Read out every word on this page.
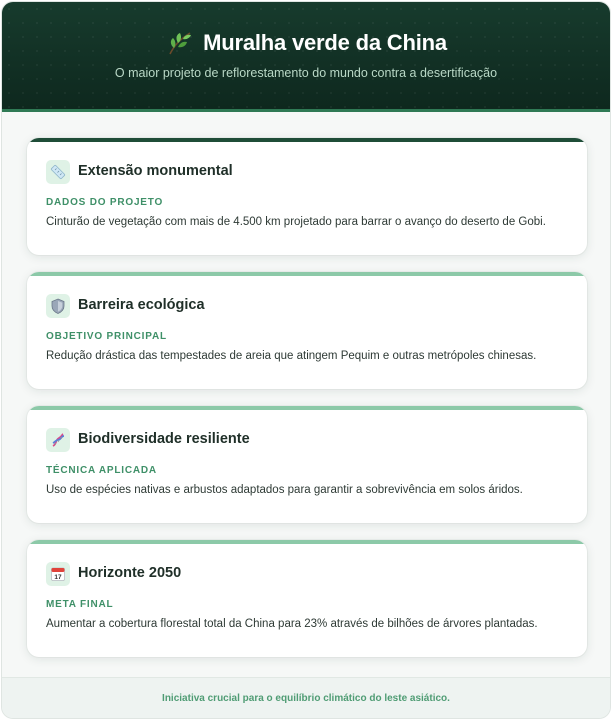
Muralha verde da China
O maior projeto de reflorestamento do mundo contra a desertificação
Extensão monumental
DADOS DO PROJETO
Cinturão de vegetação com mais de 4.500 km projetado para barrar o avanço do deserto de Gobi.
Barreira ecológica
OBJETIVO PRINCIPAL
Redução drástica das tempestades de areia que atingem Pequim e outras metrópoles chinesas.
Biodiversidade resiliente
TÉCNICA APLICADA
Uso de espécies nativas e arbustos adaptados para garantir a sobrevivência em solos áridos.
17 Horizonte 2050
META FINAL
Aumentar a cobertura florestal total da China para 23% através de bilhões de árvores plantadas.
Iniciativa crucial para o equilíbrio climático do leste asiático.
